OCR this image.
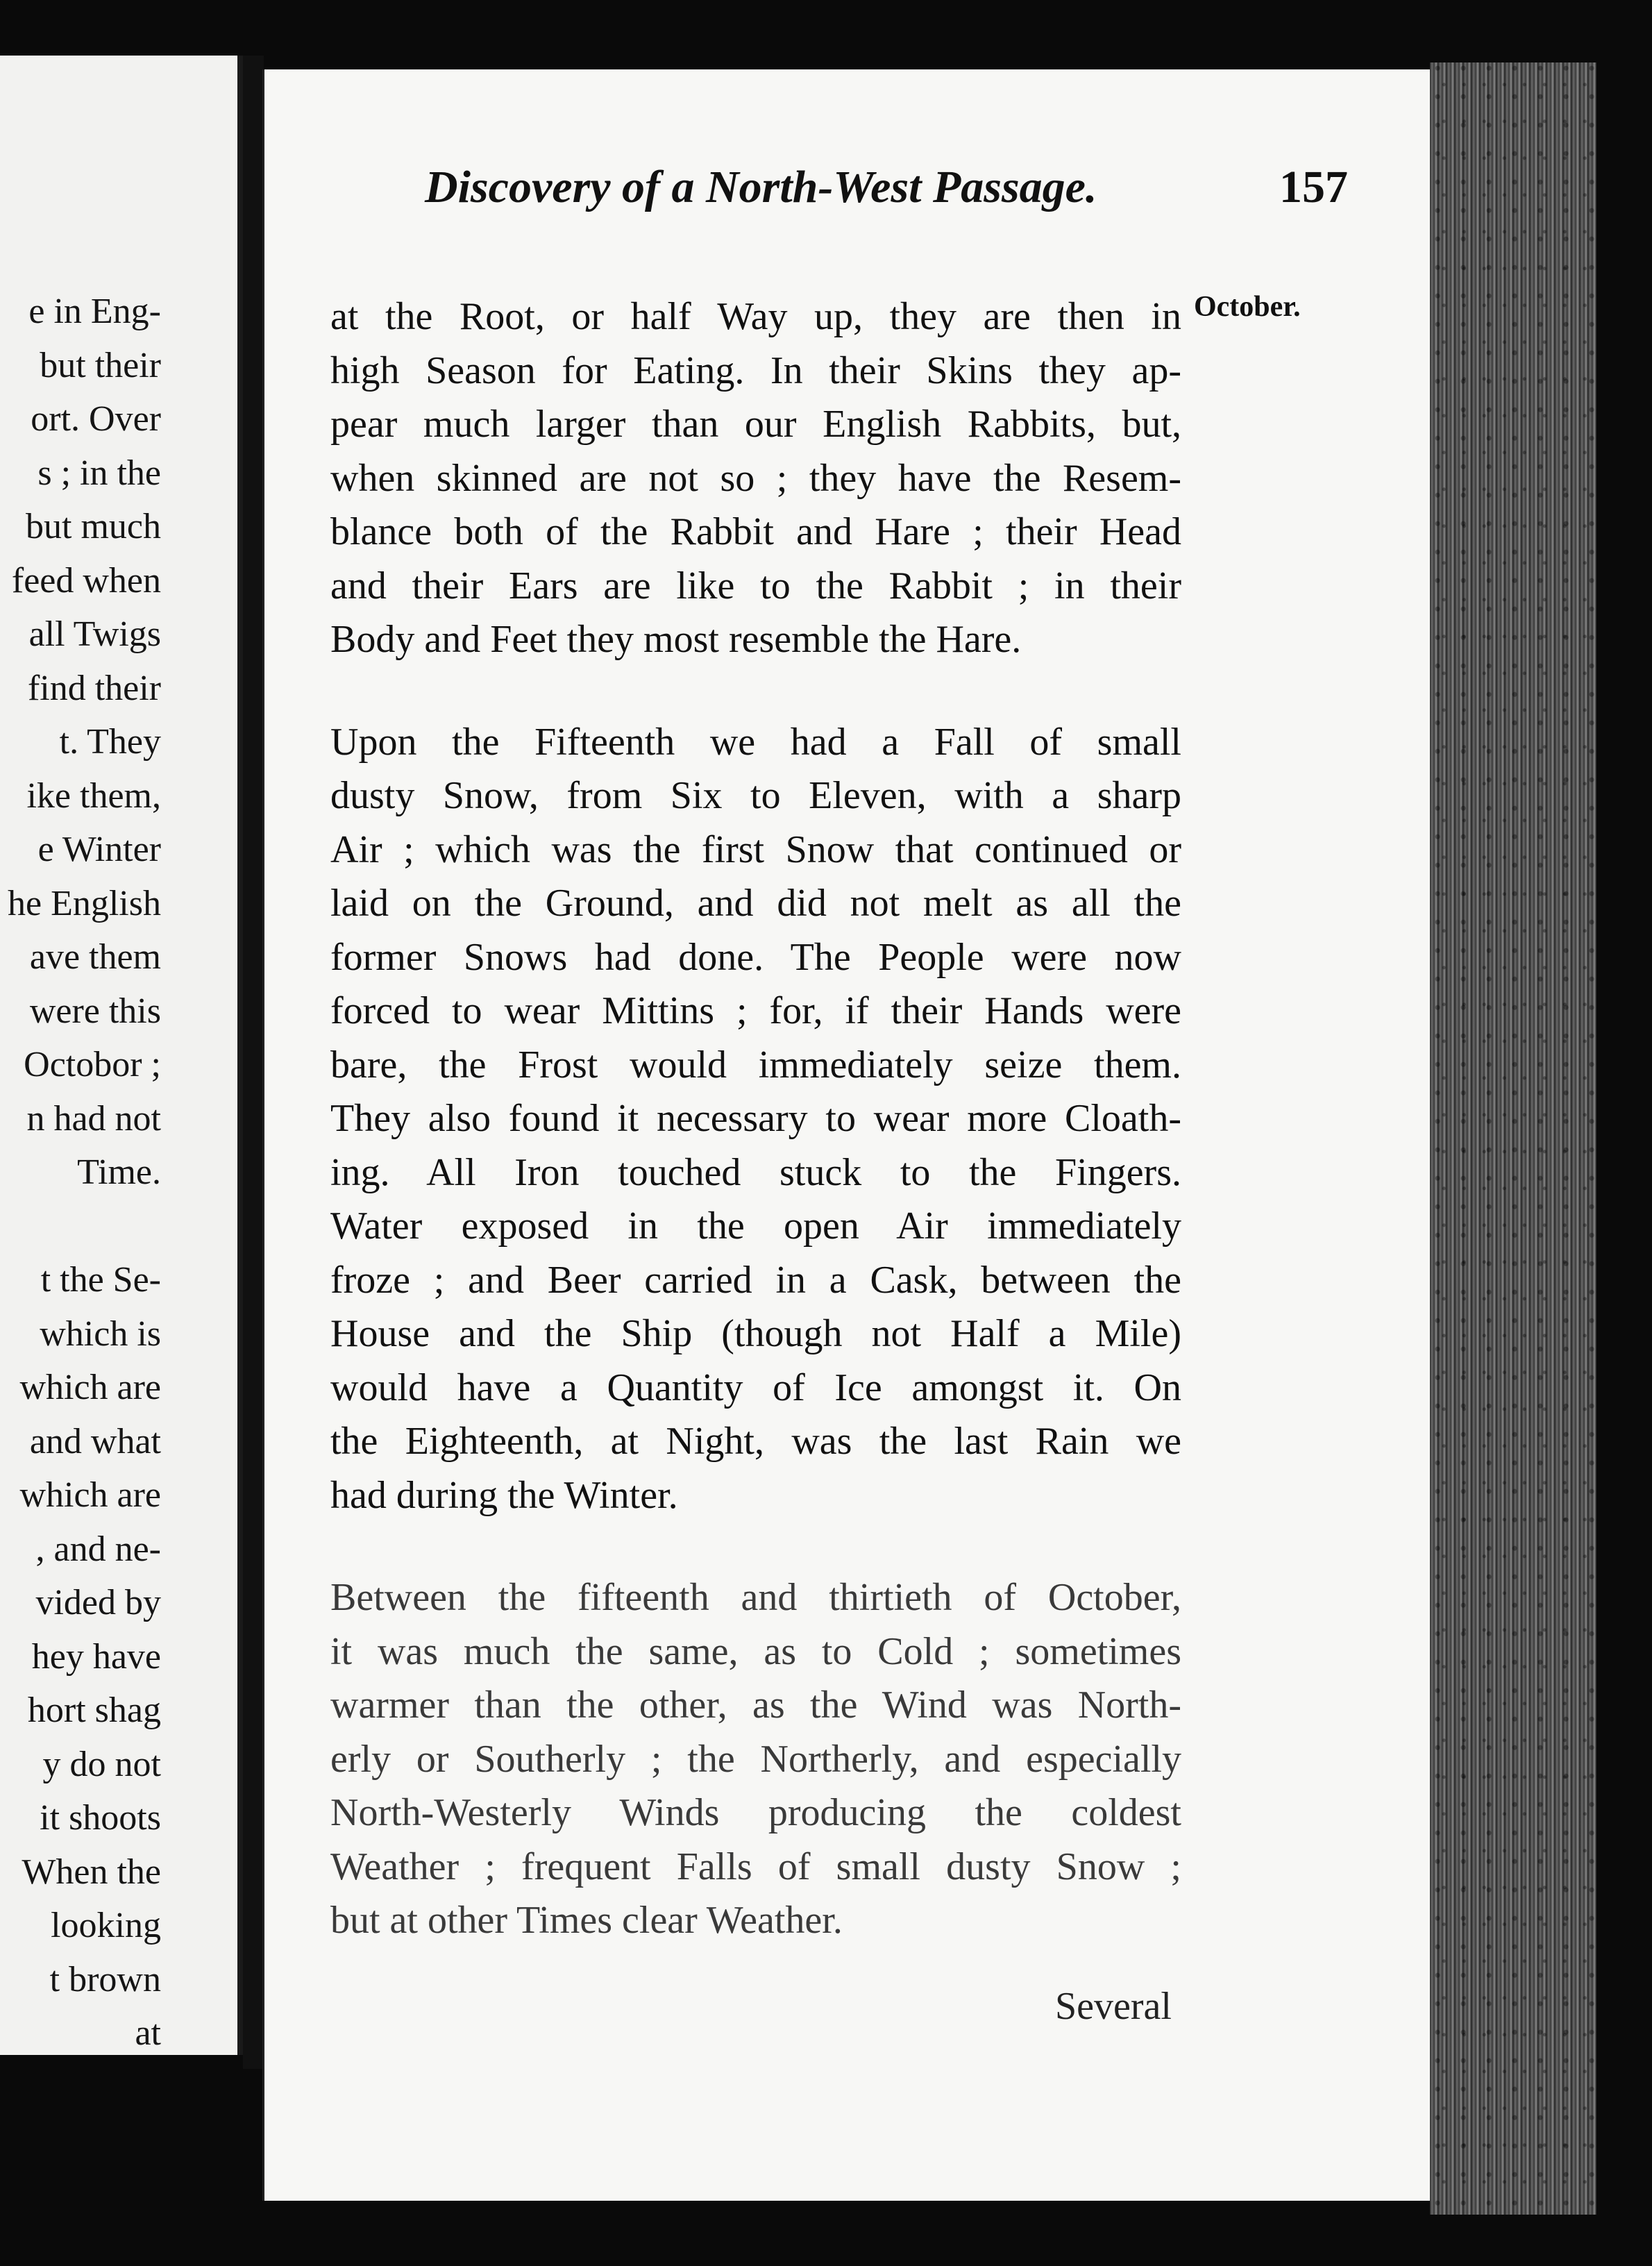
e in Eng-
but their
ort. Over
s ; in the
but much
feed when
all Twigs
find their
t. They
ike them,
e Winter
he English
ave them
were this
Octobor ;
n had not
Time.

t the Se-
which is
which are
and what
which are
, and ne-
vided by
hey have
hort shag
y do not
it shoots
When the
looking
t brown
at
Discovery of a North-West Passage.	157
October.
at the Root, or half Way up, they are then in
high Season for Eating. In their Skins they ap-
pear much larger than our English Rabbits, but,
when skinned are not so ; they have the Resem-
blance both of the Rabbit and Hare ; their Head
and their Ears are like to the Rabbit ; in their
Body and Feet they most resemble the Hare.
Upon the Fifteenth we had a Fall of small
dusty Snow, from Six to Eleven, with a sharp
Air ; which was the first Snow that continued or
laid on the Ground, and did not melt as all the
former Snows had done. The People were now
forced to wear Mittins ; for, if their Hands were
bare, the Frost would immediately seize them.
They also found it necessary to wear more Cloath-
ing. All Iron touched stuck to the Fingers.
Water exposed in the open Air immediately
froze ; and Beer carried in a Cask, between the
House and the Ship (though not Half a Mile)
would have a Quantity of Ice amongst it. On
the Eighteenth, at Night, was the last Rain we
had during the Winter.
Between the fifteenth and thirtieth of October,
it was much the same, as to Cold ; sometimes
warmer than the other, as the Wind was North-
erly or Southerly ; the Northerly, and especially
North-Westerly Winds producing the coldest
Weather ; frequent Falls of small dusty Snow ;
but at other Times clear Weather.
Several
